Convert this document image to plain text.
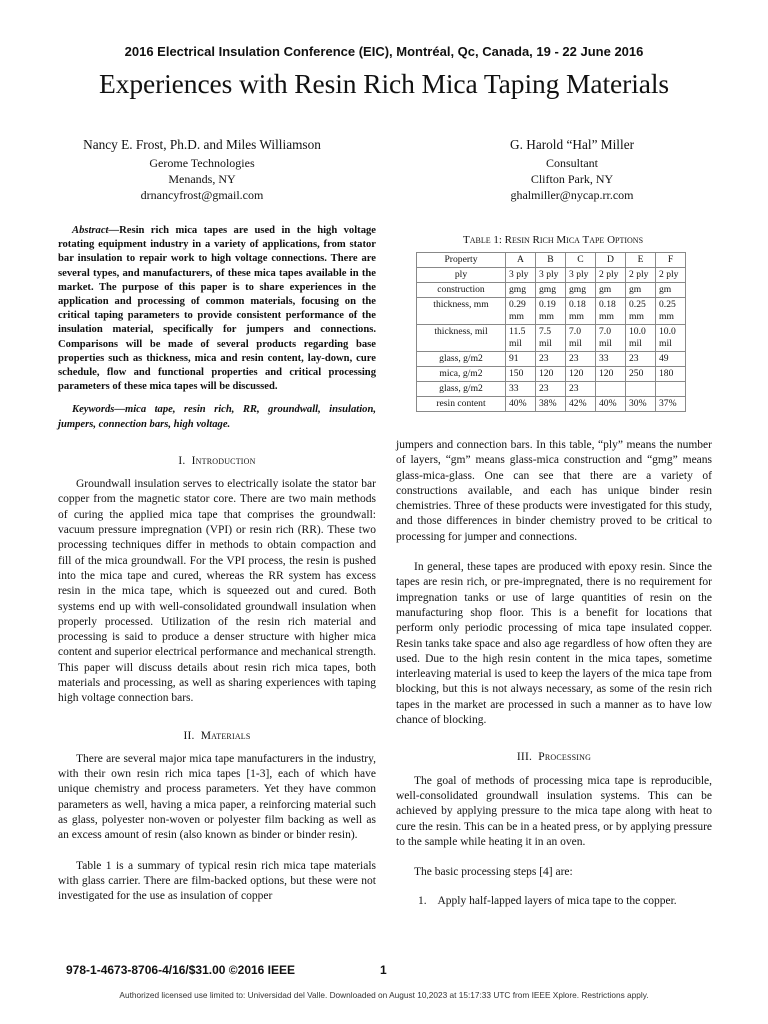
2016 Electrical Insulation Conference (EIC), Montréal, Qc, Canada, 19 - 22 June 2016
Experiences with Resin Rich Mica Taping Materials
Nancy E. Frost, Ph.D. and Miles Williamson
Gerome Technologies
Menands, NY
drnancyfrost@gmail.com
G. Harold “Hal” Miller
Consultant
Clifton Park, NY
ghalmiller@nycap.rr.com

Abstract—Resin rich mica tapes are used in the high voltage rotating equipment industry in a variety of applications, from stator bar insulation to repair work to high voltage connections. There are several types, and manufacturers, of these mica tapes available in the market. The purpose of this paper is to share experiences in the application and processing of common materials, focusing on the critical taping parameters to provide consistent performance of the insulation material, specifically for jumpers and connections. Comparisons will be made of several products regarding base properties such as thickness, mica and resin content, lay-down, cure schedule, flow and functional properties and critical processing parameters of these mica tapes will be discussed.

Keywords—mica tape, resin rich, RR, groundwall, insulation, jumpers, connection bars, high voltage.

I. Introduction

Groundwall insulation serves to electrically isolate the stator bar copper from the magnetic stator core. There are two main methods of curing the applied mica tape that comprises the groundwall: vacuum pressure impregnation (VPI) or resin rich (RR). These two processing techniques differ in methods to obtain compaction and fill of the mica groundwall. For the VPI process, the resin is pushed into the mica tape and cured, whereas the RR system has excess resin in the mica tape, which is squeezed out and cured. Both systems end up with well-consolidated groundwall insulation when properly processed. Utilization of the resin rich material and processing is said to produce a denser structure with higher mica content and superior electrical performance and mechanical strength. This paper will discuss details about resin rich mica tapes, both materials and processing, as well as sharing experiences with taping high voltage connection bars.

II. Materials

There are several major mica tape manufacturers in the industry, with their own resin rich mica tapes [1-3], each of which have unique chemistry and process parameters. Yet they have common parameters as well, having a mica paper, a reinforcing material such as glass, polyester non-woven or polyester film backing as well as an excess amount of resin (also known as binder or binder resin).

Table 1 is a summary of typical resin rich mica tape materials with glass carrier. There are film-backed options, but these were not investigated for the use as insulation of copper

Table 1: Resin Rich Mica Tape Options
Property	A	B	C	D	E	F
ply	3 ply	3 ply	3 ply	2 ply	2 ply	2 ply
construction	gmg	gmg	gmg	gm	gm	gm
thickness, mm	0.29 mm	0.19 mm	0.18 mm	0.18 mm	0.25 mm	0.25 mm
thickness, mil	11.5 mil	7.5 mil	7.0 mil	7.0 mil	10.0 mil	10.0 mil
glass, g/m2	91	23	23	33	23	49
mica, g/m2	150	120	120	120	250	180
glass, g/m2	33	23	23			
resin content	40%	38%	42%	40%	30%	37%

jumpers and connection bars. In this table, “ply” means the number of layers, “gm” means glass-mica construction and “gmg” means glass-mica-glass. One can see that there are a variety of constructions available, and each has unique binder resin chemistries. Three of these products were investigated for this study, and those differences in binder chemistry proved to be critical to processing for jumper and connections.

In general, these tapes are produced with epoxy resin. Since the tapes are resin rich, or pre-impregnated, there is no requirement for impregnation tanks or use of large quantities of resin on the manufacturing shop floor. This is a benefit for locations that perform only periodic processing of mica tape insulated copper. Resin tanks take space and also age regardless of how often they are used. Due to the high resin content in the mica tapes, sometime interleaving material is used to keep the layers of the mica tape from blocking, but this is not always necessary, as some of the resin rich tapes in the market are processed in such a manner as to have low chance of blocking.

III. Processing

The goal of methods of processing mica tape is reproducible, well-consolidated groundwall insulation systems. This can be achieved by applying pressure to the mica tape along with heat to cure the resin. This can be in a heated press, or by applying pressure to the sample while heating it in an oven.

The basic processing steps [4] are:

1.    Apply half-lapped layers of mica tape to the copper.

978-1-4673-8706-4/16/$31.00 ©2016 IEEE	1
Authorized licensed use limited to: Universidad del Valle. Downloaded on August 10,2023 at 15:17:33 UTC from IEEE Xplore. Restrictions apply.
